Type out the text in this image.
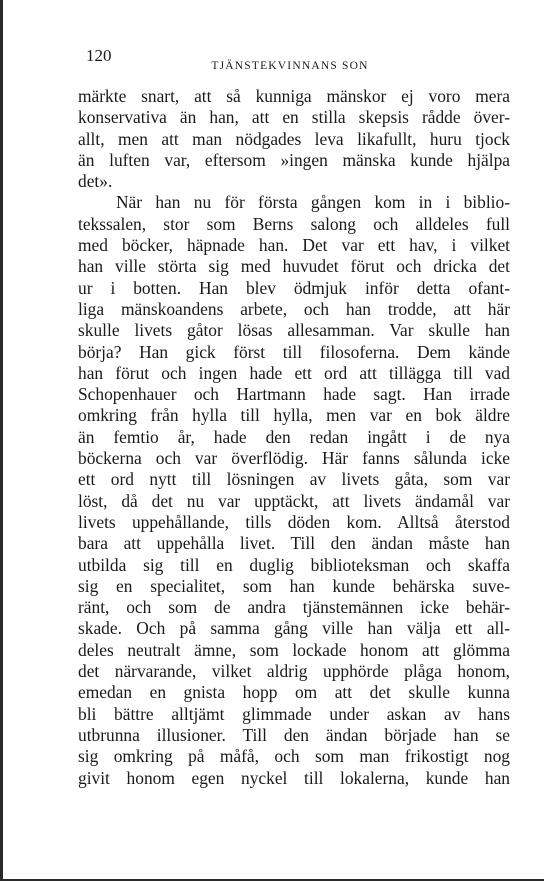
120
TJÄNSTEKVINNANS SON
märkte snart, att så kunniga mänskor ej voro mera
konservativa än han, att en stilla skepsis rådde över-
allt, men att man nödgades leva likafullt, huru tjock
än luften var, eftersom »ingen mänska kunde hjälpa
det».
När han nu för första gången kom in i biblio-
tekssalen, stor som Berns salong och alldeles full
med böcker, häpnade han. Det var ett hav, i vilket
han ville störta sig med huvudet förut och dricka det
ur i botten. Han blev ödmjuk inför detta ofant-
liga mänskoandens arbete, och han trodde, att här
skulle livets gåtor lösas allesamman. Var skulle han
börja? Han gick först till filosoferna. Dem kände
han förut och ingen hade ett ord att tillägga till vad
Schopenhauer och Hartmann hade sagt. Han irrade
omkring från hylla till hylla, men var en bok äldre
än femtio år, hade den redan ingått i de nya
böckerna och var överflödig. Här fanns sålunda icke
ett ord nytt till lösningen av livets gåta, som var
löst, då det nu var upptäckt, att livets ändamål var
livets uppehållande, tills döden kom. Alltså återstod
bara att uppehålla livet. Till den ändan måste han
utbilda sig till en duglig biblioteksman och skaffa
sig en specialitet, som han kunde behärska suve-
ränt, och som de andra tjänstemännen icke behär-
skade. Och på samma gång ville han välja ett all-
deles neutralt ämne, som lockade honom att glömma
det närvarande, vilket aldrig upphörde plåga honom,
emedan en gnista hopp om att det skulle kunna
bli bättre alltjämt glimmade under askan av hans
utbrunna illusioner. Till den ändan började han se
sig omkring på måfå, och som man frikostigt nog
givit honom egen nyckel till lokalerna, kunde han
